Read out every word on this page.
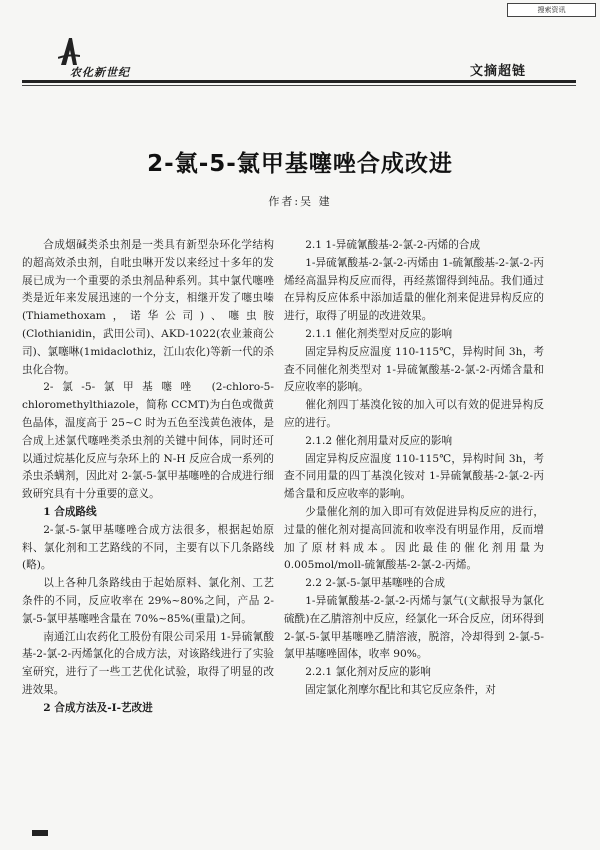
搜索资讯
农化新世纪	文摘超链
2-氯-5-氯甲基噻唑合成改进
作者:吴 建

合成烟碱类杀虫剂是一类具有新型杂环化学结构的超高效杀虫剂，自吡虫啉开发以来经过十多年的发展已成为一个重要的杀虫剂品种系列。其中氯代噻唑类是近年来发展迅速的一个分支，相继开发了噻虫嗪(Thiamethoxam，诺华公司)、噻虫胺 (Clothianidin，武田公司)、AKD-1022(农业兼商公司)、氯噻啉(1midaclothiz，江山农化)等新一代的杀虫化合物。

2-氯-5-氯甲基噻唑 (2-chloro-5-chloromethylthiazole，简称 CCMT)为白色或微黄色晶体，温度高于 25~C 时为五色至浅黄色液体，是合成上述氯代噻唑类杀虫剂的关键中间体，同时还可以通过烷基化反应与杂环上的 N-H 反应合成一系列的杀虫杀螨剂，因此对 2-氯-5-氯甲基噻唑的合成进行细致研究具有十分重要的意义。

1 合成路线

2-氯-5-氯甲基噻唑合成方法很多，根据起始原料、氯化剂和工艺路线的不同，主要有以下几条路线(略)。

以上各种几条路线由于起始原料、氯化剂、工艺条件的不同，反应收率在 29%~80%之间，产品 2-氯-5-氯甲基噻唑含量在 70%~85%(重量)之间。

南通江山农药化工股份有限公司采用 1-异硫氰酸基-2-氯-2-丙烯氯化的合成方法，对该路线进行了实验室研究，进行了一些工艺优化试验，取得了明显的改进效果。

2 合成方法及-I-艺改进

2.1 1-异硫氰酸基-2-氯-2-丙烯的合成

1-异硫氰酸基-2-氯-2-丙烯由 1-硫氰酸基-2-氯-2-丙烯经高温异构反应而得，再经蒸馏得到纯品。我们通过在异构反应体系中添加适量的催化剂来促进异构反应的进行，取得了明显的改进效果。

2.1.1 催化剂类型对反应的影响

固定异构反应温度 110-115℃，异构时间 3h，考查不同催化剂类型对 1-异硫氰酸基-2-氯-2-丙烯含量和反应收率的影响。

催化剂四丁基溴化铵的加入可以有效的促进异构反应的进行。

2.1.2 催化剂用量对反应的影响

固定异构反应温度 110-115℃，异构时间 3h，考查不同用量的四丁基溴化铵对 1-异硫氰酸基-2-氯-2-丙烯含量和反应收率的影响。

少量催化剂的加入即可有效促进异构反应的进行，过量的催化剂对提高回流和收率没有明显作用，反而增加了原材料成本。因此最佳的催化剂用量为 0.005mol/moll-硫氰酸基-2-氯-2-丙烯。

2.2 2-氯-5-氯甲基噻唑的合成

1-异硫氰酸基-2-氯-2-丙烯与氯气(文献报导为氯化硫酰)在乙腈溶剂中反应，经氯化一环合反应，闭环得到 2-氯-5-氯甲基噻唑乙腈溶液，脱溶，冷却得到 2-氯-5-氯甲基噻唑固体，收率 90%。

2.2.1 氯化剂对反应的影响

固定氯化剂摩尔配比和其它反应条件，对
